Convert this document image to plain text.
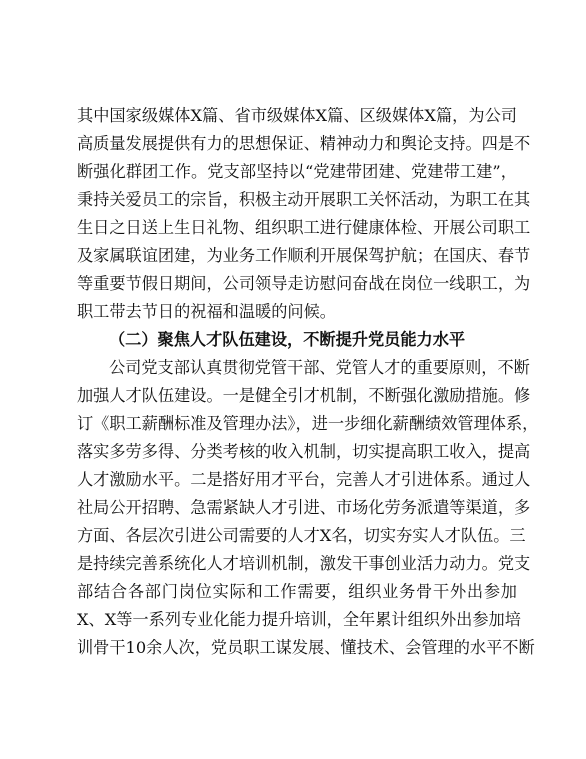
其中国家级媒体X篇、省市级媒体X篇、区级媒体X篇，为公司
高质量发展提供有力的思想保证、精神动力和舆论支持。四是不
断强化群团工作。党支部坚持以“党建带团建、党建带工建”，
秉持关爱员工的宗旨，积极主动开展职工关怀活动，为职工在其
生日之日送上生日礼物、组织职工进行健康体检、开展公司职工
及家属联谊团建，为业务工作顺利开展保驾护航；在国庆、春节
等重要节假日期间，公司领导走访慰问奋战在岗位一线职工，为
职工带去节日的祝福和温暖的问候。
（二）聚焦人才队伍建设，不断提升党员能力水平
公司党支部认真贯彻党管干部、党管人才的重要原则，不断
加强人才队伍建设。一是健全引才机制，不断强化激励措施。修
订《职工薪酬标准及管理办法》，进一步细化薪酬绩效管理体系，
落实多劳多得、分类考核的收入机制，切实提高职工收入，提高
人才激励水平。二是搭好用才平台，完善人才引进体系。通过人
社局公开招聘、急需紧缺人才引进、市场化劳务派遣等渠道，多
方面、各层次引进公司需要的人才X名，切实夯实人才队伍。三
是持续完善系统化人才培训机制，激发干事创业活力动力。党支
部结合各部门岗位实际和工作需要，组织业务骨干外出参加
X、X等一系列专业化能力提升培训，全年累计组织外出参加培
训骨干10余人次，党员职工谋发展、懂技术、会管理的水平不断
